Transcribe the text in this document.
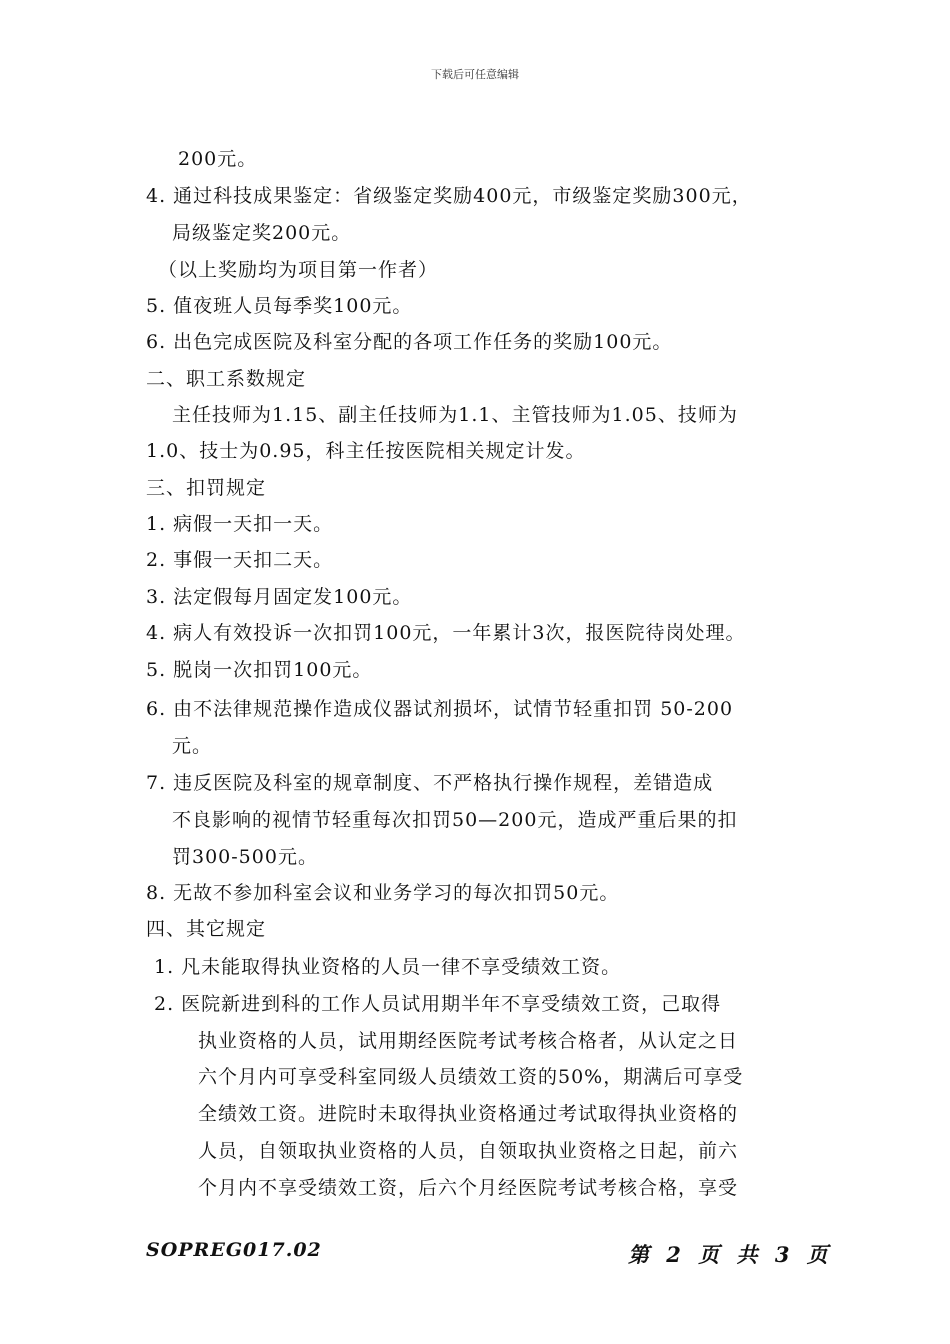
下载后可任意编辑
200元。
4. 通过科技成果鉴定：省级鉴定奖励400元，市级鉴定奖励300元，
局级鉴定奖200元。
（以上奖励均为项目第一作者）
5. 值夜班人员每季奖100元。
6. 出色完成医院及科室分配的各项工作任务的奖励100元。
二、职工系数规定
主任技师为1.15、副主任技师为1.1、主管技师为1.05、技师为
1.0、技士为0.95，科主任按医院相关规定计发。
三、扣罚规定
1. 病假一天扣一天。
2. 事假一天扣二天。
3. 法定假每月固定发100元。
4. 病人有效投诉一次扣罚100元，一年累计3次，报医院待岗处理。
5. 脱岗一次扣罚100元。
6. 由不法律规范操作造成仪器试剂损坏，试情节轻重扣罚 50-200
元。
7. 违反医院及科室的规章制度、不严格执行操作规程，差错造成
不良影响的视情节轻重每次扣罚50—200元，造成严重后果的扣
罚300-500元。
8. 无故不参加科室会议和业务学习的每次扣罚50元。
四、其它规定
1. 凡未能取得执业资格的人员一律不享受绩效工资。
2. 医院新进到科的工作人员试用期半年不享受绩效工资，己取得
执业资格的人员，试用期经医院考试考核合格者，从认定之日
六个月内可享受科室同级人员绩效工资的50%，期满后可享受
全绩效工资。进院时未取得执业资格通过考试取得执业资格的
人员，自领取执业资格的人员，自领取执业资格之日起，前六
个月内不享受绩效工资，后六个月经医院考试考核合格，享受
SOPREG017.02	第 2 页 共 3 页
